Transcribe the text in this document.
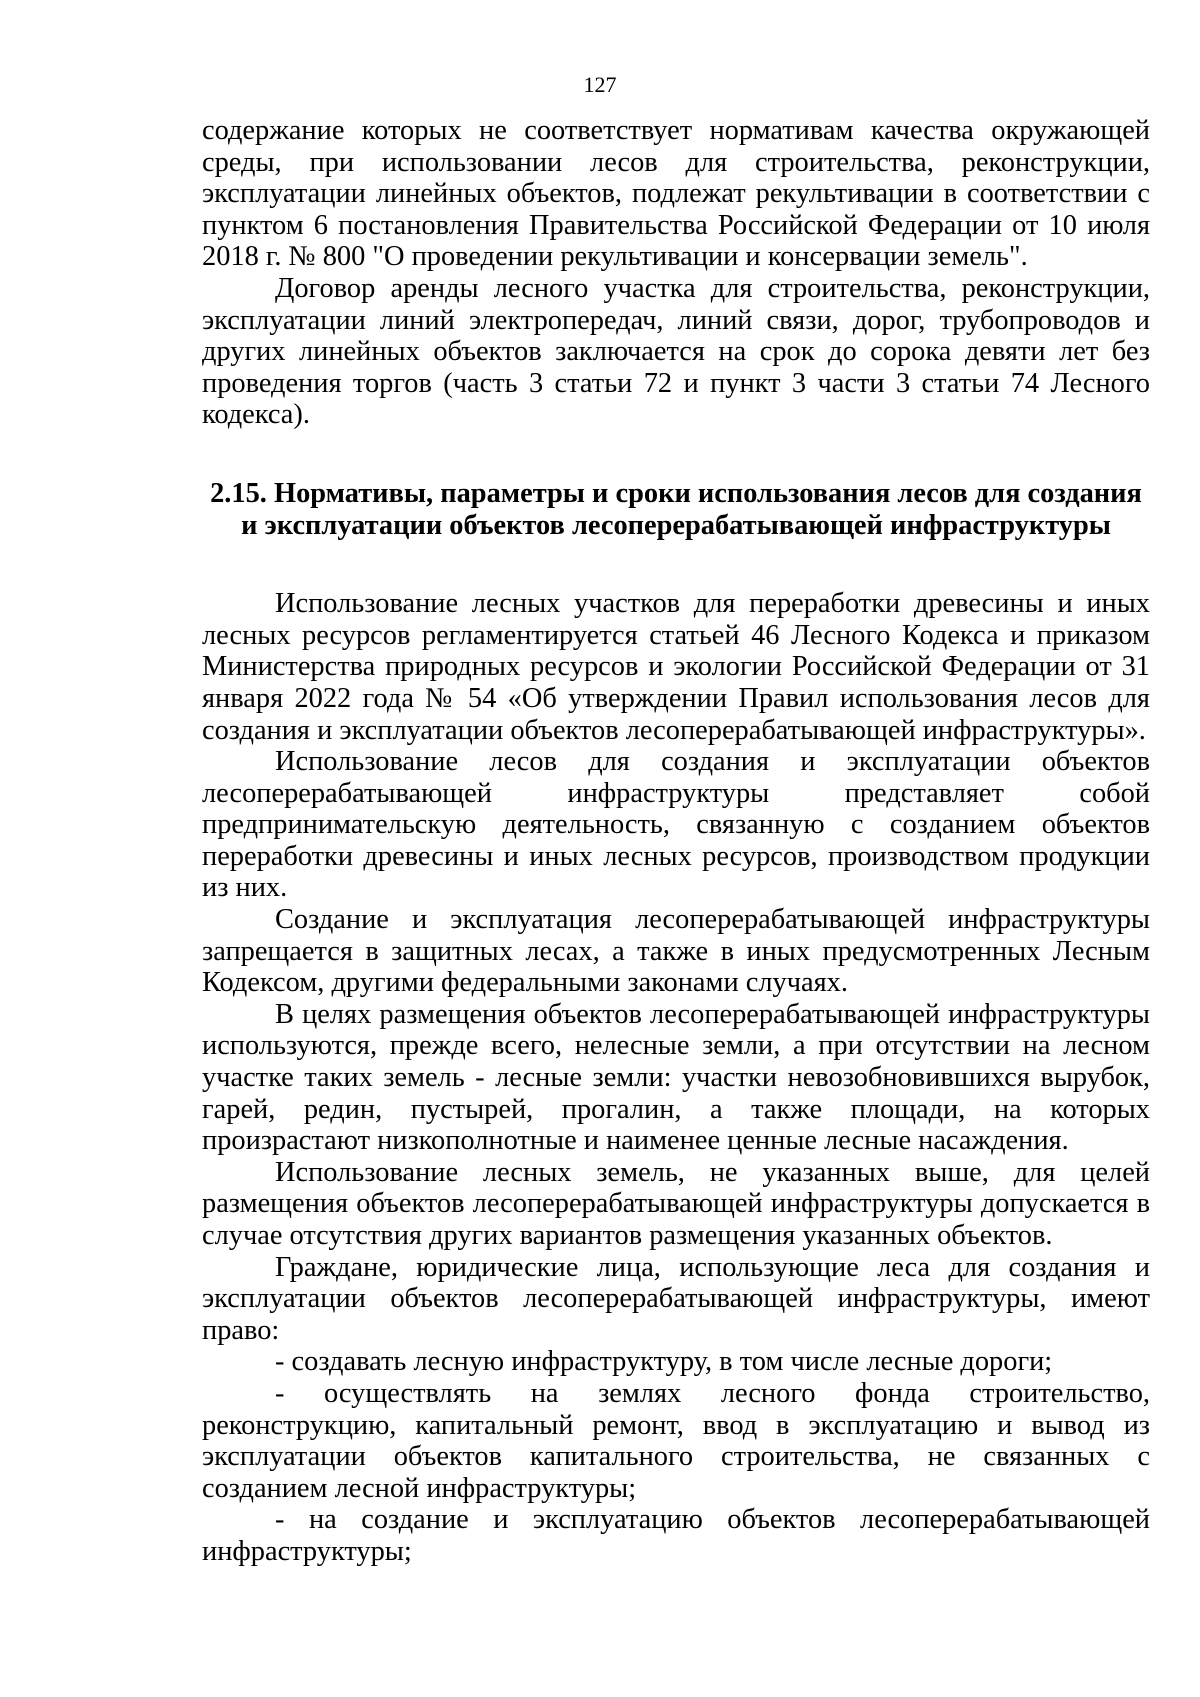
127

содержание которых не соответствует нормативам качества окружающей среды, при использовании лесов для строительства, реконструкции, эксплуатации линейных объектов, подлежат рекультивации в соответствии с пунктом 6 постановления Правительства Российской Федерации от 10 июля 2018 г. № 800 "О проведении рекультивации и консервации земель".

Договор аренды лесного участка для строительства, реконструкции, эксплуатации линий электропередач, линий связи, дорог, трубопроводов и других линейных объектов заключается на срок до сорока девяти лет без проведения торгов (часть 3 статьи 72 и пункт 3 части 3 статьи 74 Лесного кодекса).

2.15. Нормативы, параметры и сроки использования лесов для создания
и эксплуатации объектов лесоперерабатывающей инфраструктуры

Использование лесных участков для переработки древесины и иных лесных ресурсов регламентируется статьей 46 Лесного Кодекса и приказом Министерства природных ресурсов и экологии Российской Федерации от 31 января 2022 года № 54 «Об утверждении Правил использования лесов для создания и эксплуатации объектов лесоперерабатывающей инфраструктуры».

Использование лесов для создания и эксплуатации объектов лесоперерабатывающей инфраструктуры представляет собой предпринимательскую деятельность, связанную с созданием объектов переработки древесины и иных лесных ресурсов, производством продукции из них.

Создание и эксплуатация лесоперерабатывающей инфраструктуры запрещается в защитных лесах, а также в иных предусмотренных Лесным Кодексом, другими федеральными законами случаях.

В целях размещения объектов лесоперерабатывающей инфраструктуры используются, прежде всего, нелесные земли, а при отсутствии на лесном участке таких земель - лесные земли: участки невозобновившихся вырубок, гарей, редин, пустырей, прогалин, а также площади, на которых произрастают низкополнотные и наименее ценные лесные насаждения.

Использование лесных земель, не указанных выше, для целей размещения объектов лесоперерабатывающей инфраструктуры допускается в случае отсутствия других вариантов размещения указанных объектов.

Граждане, юридические лица, использующие леса для создания и эксплуатации объектов лесоперерабатывающей инфраструктуры, имеют право:

- создавать лесную инфраструктуру, в том числе лесные дороги;

- осуществлять на землях лесного фонда строительство, реконструкцию, капитальный ремонт, ввод в эксплуатацию и вывод из эксплуатации объектов капитального строительства, не связанных с созданием лесной инфраструктуры;

- на создание и эксплуатацию объектов лесоперерабатывающей инфраструктуры;
